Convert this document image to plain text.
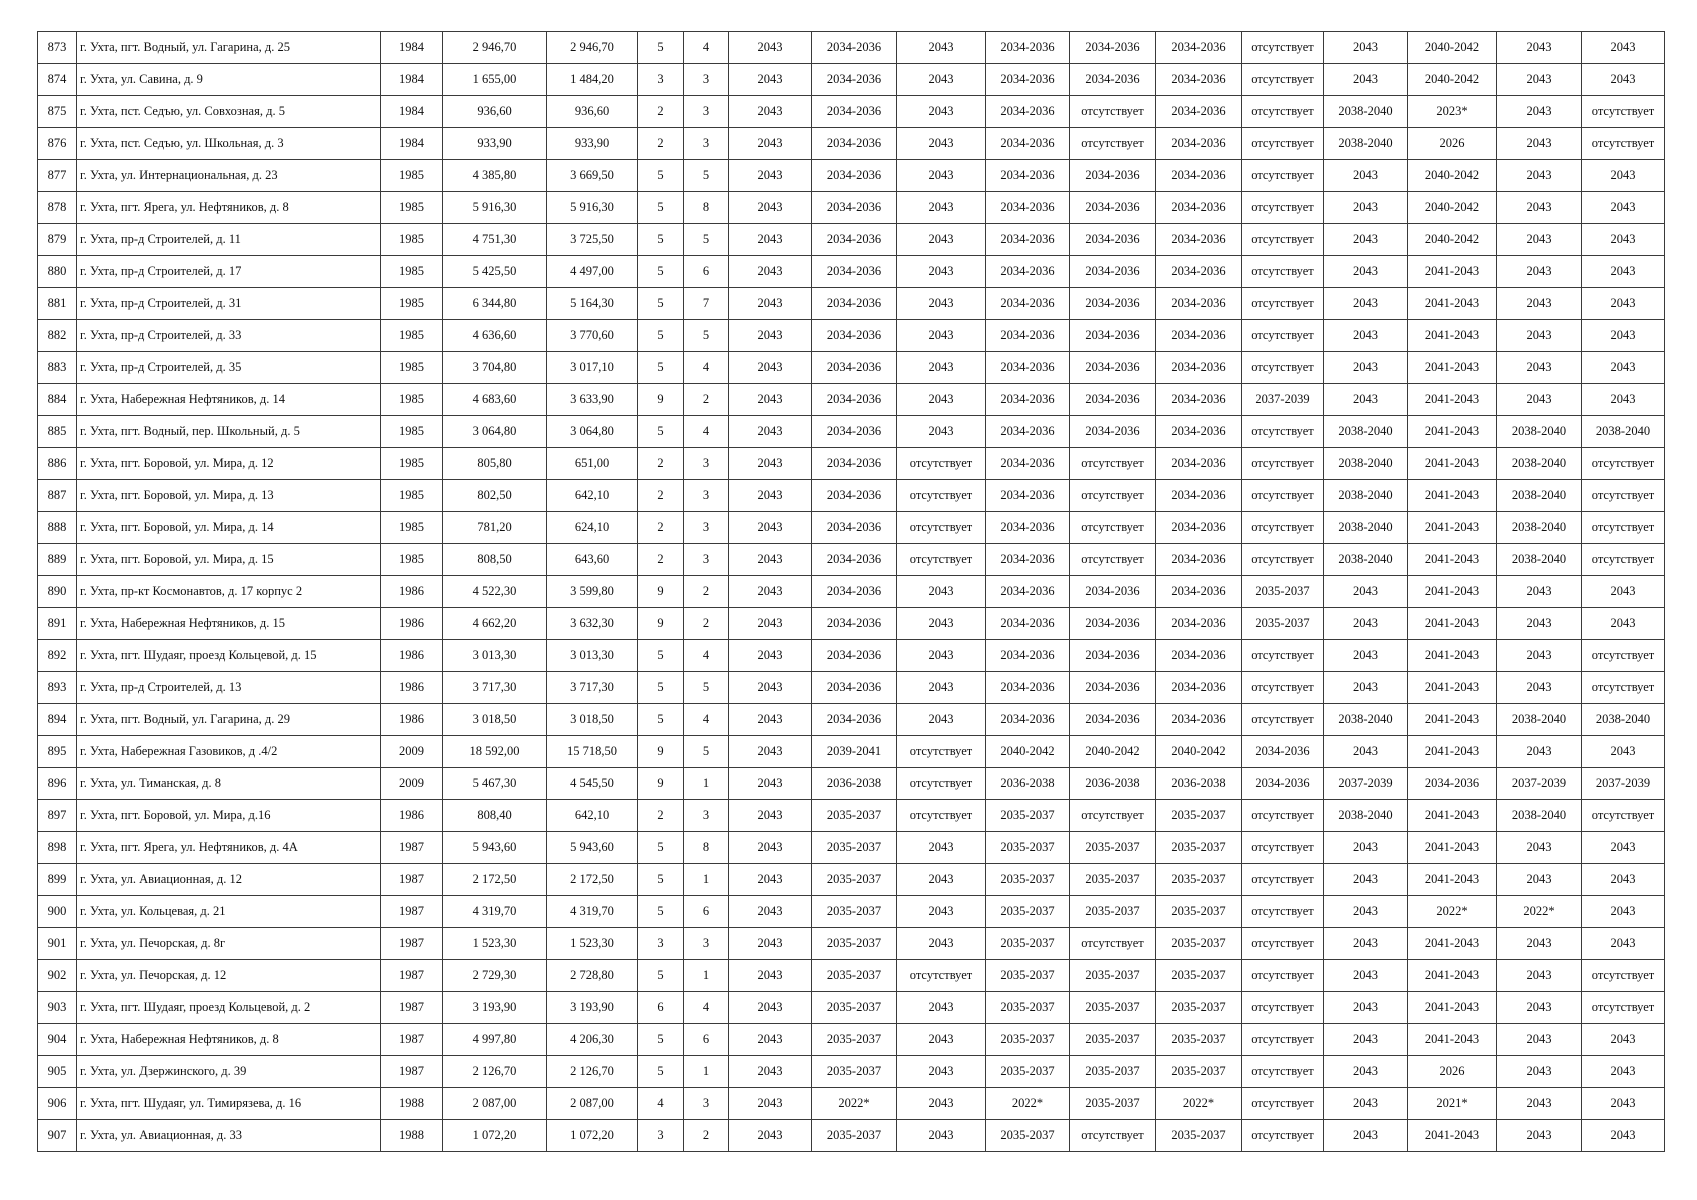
873	г. Ухта, пгт. Водный, ул. Гагарина, д. 25	1984	2 946,70	2 946,70	5	4	2043	2034-2036	2043	2034-2036	2034-2036	2034-2036	отсутствует	2043	2040-2042	2043	2043
874	г. Ухта, ул. Савина, д. 9	1984	1 655,00	1 484,20	3	3	2043	2034-2036	2043	2034-2036	2034-2036	2034-2036	отсутствует	2043	2040-2042	2043	2043
875	г. Ухта, пст. Седъю, ул. Совхозная, д. 5	1984	936,60	936,60	2	3	2043	2034-2036	2043	2034-2036	отсутствует	2034-2036	отсутствует	2038-2040	2023*	2043	отсутствует
876	г. Ухта, пст. Седъю, ул. Школьная, д. 3	1984	933,90	933,90	2	3	2043	2034-2036	2043	2034-2036	отсутствует	2034-2036	отсутствует	2038-2040	2026	2043	отсутствует
877	г. Ухта, ул. Интернациональная, д. 23	1985	4 385,80	3 669,50	5	5	2043	2034-2036	2043	2034-2036	2034-2036	2034-2036	отсутствует	2043	2040-2042	2043	2043
878	г. Ухта, пгт. Ярега, ул. Нефтяников, д. 8	1985	5 916,30	5 916,30	5	8	2043	2034-2036	2043	2034-2036	2034-2036	2034-2036	отсутствует	2043	2040-2042	2043	2043
879	г. Ухта, пр-д Строителей, д. 11	1985	4 751,30	3 725,50	5	5	2043	2034-2036	2043	2034-2036	2034-2036	2034-2036	отсутствует	2043	2040-2042	2043	2043
880	г. Ухта, пр-д Строителей, д. 17	1985	5 425,50	4 497,00	5	6	2043	2034-2036	2043	2034-2036	2034-2036	2034-2036	отсутствует	2043	2041-2043	2043	2043
881	г. Ухта, пр-д Строителей, д. 31	1985	6 344,80	5 164,30	5	7	2043	2034-2036	2043	2034-2036	2034-2036	2034-2036	отсутствует	2043	2041-2043	2043	2043
882	г. Ухта, пр-д Строителей, д. 33	1985	4 636,60	3 770,60	5	5	2043	2034-2036	2043	2034-2036	2034-2036	2034-2036	отсутствует	2043	2041-2043	2043	2043
883	г. Ухта, пр-д Строителей, д. 35	1985	3 704,80	3 017,10	5	4	2043	2034-2036	2043	2034-2036	2034-2036	2034-2036	отсутствует	2043	2041-2043	2043	2043
884	г. Ухта, Набережная Нефтяников, д. 14	1985	4 683,60	3 633,90	9	2	2043	2034-2036	2043	2034-2036	2034-2036	2034-2036	2037-2039	2043	2041-2043	2043	2043
885	г. Ухта, пгт. Водный, пер. Школьный, д. 5	1985	3 064,80	3 064,80	5	4	2043	2034-2036	2043	2034-2036	2034-2036	2034-2036	отсутствует	2038-2040	2041-2043	2038-2040	2038-2040
886	г. Ухта, пгт. Боровой, ул. Мира, д. 12	1985	805,80	651,00	2	3	2043	2034-2036	отсутствует	2034-2036	отсутствует	2034-2036	отсутствует	2038-2040	2041-2043	2038-2040	отсутствует
887	г. Ухта, пгт. Боровой, ул. Мира, д. 13	1985	802,50	642,10	2	3	2043	2034-2036	отсутствует	2034-2036	отсутствует	2034-2036	отсутствует	2038-2040	2041-2043	2038-2040	отсутствует
888	г. Ухта, пгт. Боровой, ул. Мира, д. 14	1985	781,20	624,10	2	3	2043	2034-2036	отсутствует	2034-2036	отсутствует	2034-2036	отсутствует	2038-2040	2041-2043	2038-2040	отсутствует
889	г. Ухта, пгт. Боровой, ул. Мира, д. 15	1985	808,50	643,60	2	3	2043	2034-2036	отсутствует	2034-2036	отсутствует	2034-2036	отсутствует	2038-2040	2041-2043	2038-2040	отсутствует
890	г. Ухта, пр-кт Космонавтов, д. 17 корпус 2	1986	4 522,30	3 599,80	9	2	2043	2034-2036	2043	2034-2036	2034-2036	2034-2036	2035-2037	2043	2041-2043	2043	2043
891	г. Ухта, Набережная Нефтяников, д. 15	1986	4 662,20	3 632,30	9	2	2043	2034-2036	2043	2034-2036	2034-2036	2034-2036	2035-2037	2043	2041-2043	2043	2043
892	г. Ухта, пгт. Шудаяг, проезд Кольцевой, д. 15	1986	3 013,30	3 013,30	5	4	2043	2034-2036	2043	2034-2036	2034-2036	2034-2036	отсутствует	2043	2041-2043	2043	отсутствует
893	г. Ухта, пр-д Строителей, д. 13	1986	3 717,30	3 717,30	5	5	2043	2034-2036	2043	2034-2036	2034-2036	2034-2036	отсутствует	2043	2041-2043	2043	отсутствует
894	г. Ухта, пгт. Водный, ул. Гагарина, д. 29	1986	3 018,50	3 018,50	5	4	2043	2034-2036	2043	2034-2036	2034-2036	2034-2036	отсутствует	2038-2040	2041-2043	2038-2040	2038-2040
895	г. Ухта, Набережная Газовиков, д .4/2	2009	18 592,00	15 718,50	9	5	2043	2039-2041	отсутствует	2040-2042	2040-2042	2040-2042	2034-2036	2043	2041-2043	2043	2043
896	г. Ухта, ул. Тиманская, д. 8	2009	5 467,30	4 545,50	9	1	2043	2036-2038	отсутствует	2036-2038	2036-2038	2036-2038	2034-2036	2037-2039	2034-2036	2037-2039	2037-2039
897	г. Ухта, пгт. Боровой, ул. Мира, д.16	1986	808,40	642,10	2	3	2043	2035-2037	отсутствует	2035-2037	отсутствует	2035-2037	отсутствует	2038-2040	2041-2043	2038-2040	отсутствует
898	г. Ухта, пгт. Ярега, ул. Нефтяников, д. 4А	1987	5 943,60	5 943,60	5	8	2043	2035-2037	2043	2035-2037	2035-2037	2035-2037	отсутствует	2043	2041-2043	2043	2043
899	г. Ухта, ул. Авиационная, д. 12	1987	2 172,50	2 172,50	5	1	2043	2035-2037	2043	2035-2037	2035-2037	2035-2037	отсутствует	2043	2041-2043	2043	2043
900	г. Ухта, ул. Кольцевая, д. 21	1987	4 319,70	4 319,70	5	6	2043	2035-2037	2043	2035-2037	2035-2037	2035-2037	отсутствует	2043	2022*	2022*	2043
901	г. Ухта, ул. Печорская, д. 8г	1987	1 523,30	1 523,30	3	3	2043	2035-2037	2043	2035-2037	отсутствует	2035-2037	отсутствует	2043	2041-2043	2043	2043
902	г. Ухта, ул. Печорская, д. 12	1987	2 729,30	2 728,80	5	1	2043	2035-2037	отсутствует	2035-2037	2035-2037	2035-2037	отсутствует	2043	2041-2043	2043	отсутствует
903	г. Ухта, пгт. Шудаяг, проезд Кольцевой, д. 2	1987	3 193,90	3 193,90	6	4	2043	2035-2037	2043	2035-2037	2035-2037	2035-2037	отсутствует	2043	2041-2043	2043	отсутствует
904	г. Ухта, Набережная Нефтяников, д. 8	1987	4 997,80	4 206,30	5	6	2043	2035-2037	2043	2035-2037	2035-2037	2035-2037	отсутствует	2043	2041-2043	2043	2043
905	г. Ухта, ул. Дзержинского, д. 39	1987	2 126,70	2 126,70	5	1	2043	2035-2037	2043	2035-2037	2035-2037	2035-2037	отсутствует	2043	2026	2043	2043
906	г. Ухта, пгт. Шудаяг, ул. Тимирязева, д. 16	1988	2 087,00	2 087,00	4	3	2043	2022*	2043	2022*	2035-2037	2022*	отсутствует	2043	2021*	2043	2043
907	г. Ухта, ул. Авиационная, д. 33	1988	1 072,20	1 072,20	3	2	2043	2035-2037	2043	2035-2037	отсутствует	2035-2037	отсутствует	2043	2041-2043	2043	2043
